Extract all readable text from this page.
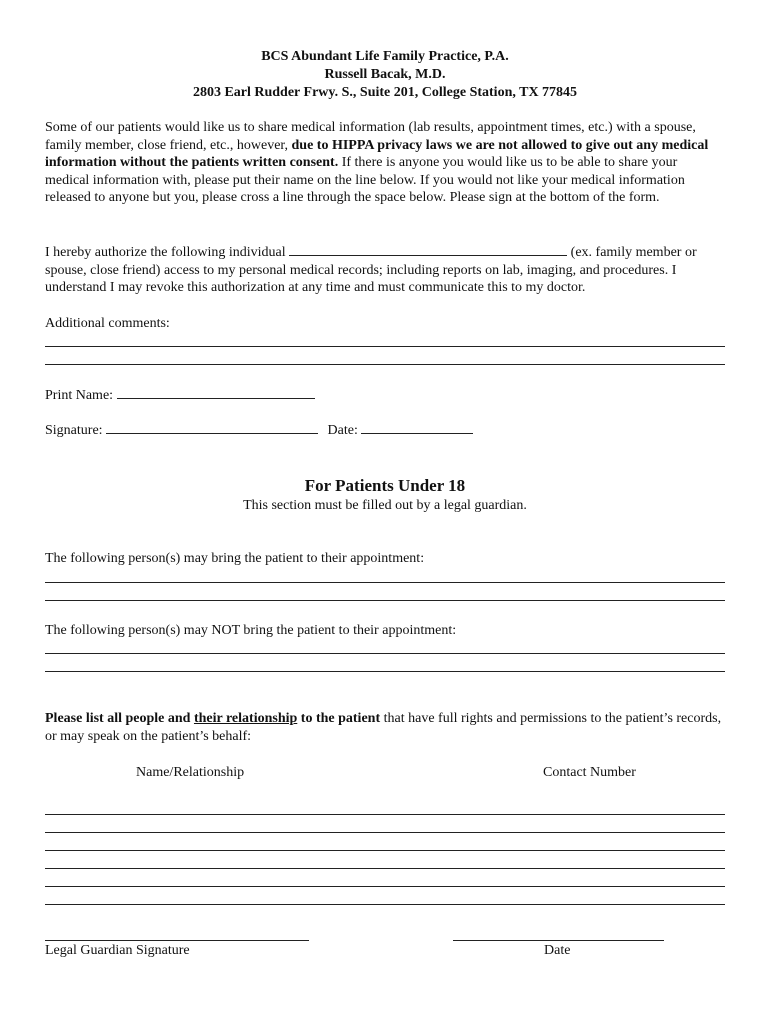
BCS Abundant Life Family Practice, P.A.
Russell Bacak, M.D.
2803 Earl Rudder Frwy. S., Suite 201, College Station, TX 77845
Some of our patients would like us to share medical information (lab results, appointment times, etc.) with a spouse, family member, close friend, etc., however, due to HIPPA privacy laws we are not allowed to give out any medical information without the patients written consent. If there is anyone you would like us to be able to share your medical information with, please put their name on the line below. If you would not like your medical information released to anyone but you, please cross a line through the space below. Please sign at the bottom of the form.
I hereby authorize the following individual	(ex. family member or spouse, close friend) access to my personal medical records; including reports on lab, imaging, and procedures. I understand I may revoke this authorization at any time and must communicate this to my doctor.
Additional comments:
Print Name:
Signature:	Date:
For Patients Under 18
This section must be filled out by a legal guardian.
The following person(s) may bring the patient to their appointment:
The following person(s) may NOT bring the patient to their appointment:
Please list all people and their relationship to the patient that have full rights and permissions to the patient’s records, or may speak on the patient’s behalf:
Name/Relationship	Contact Number
Legal Guardian Signature	Date
